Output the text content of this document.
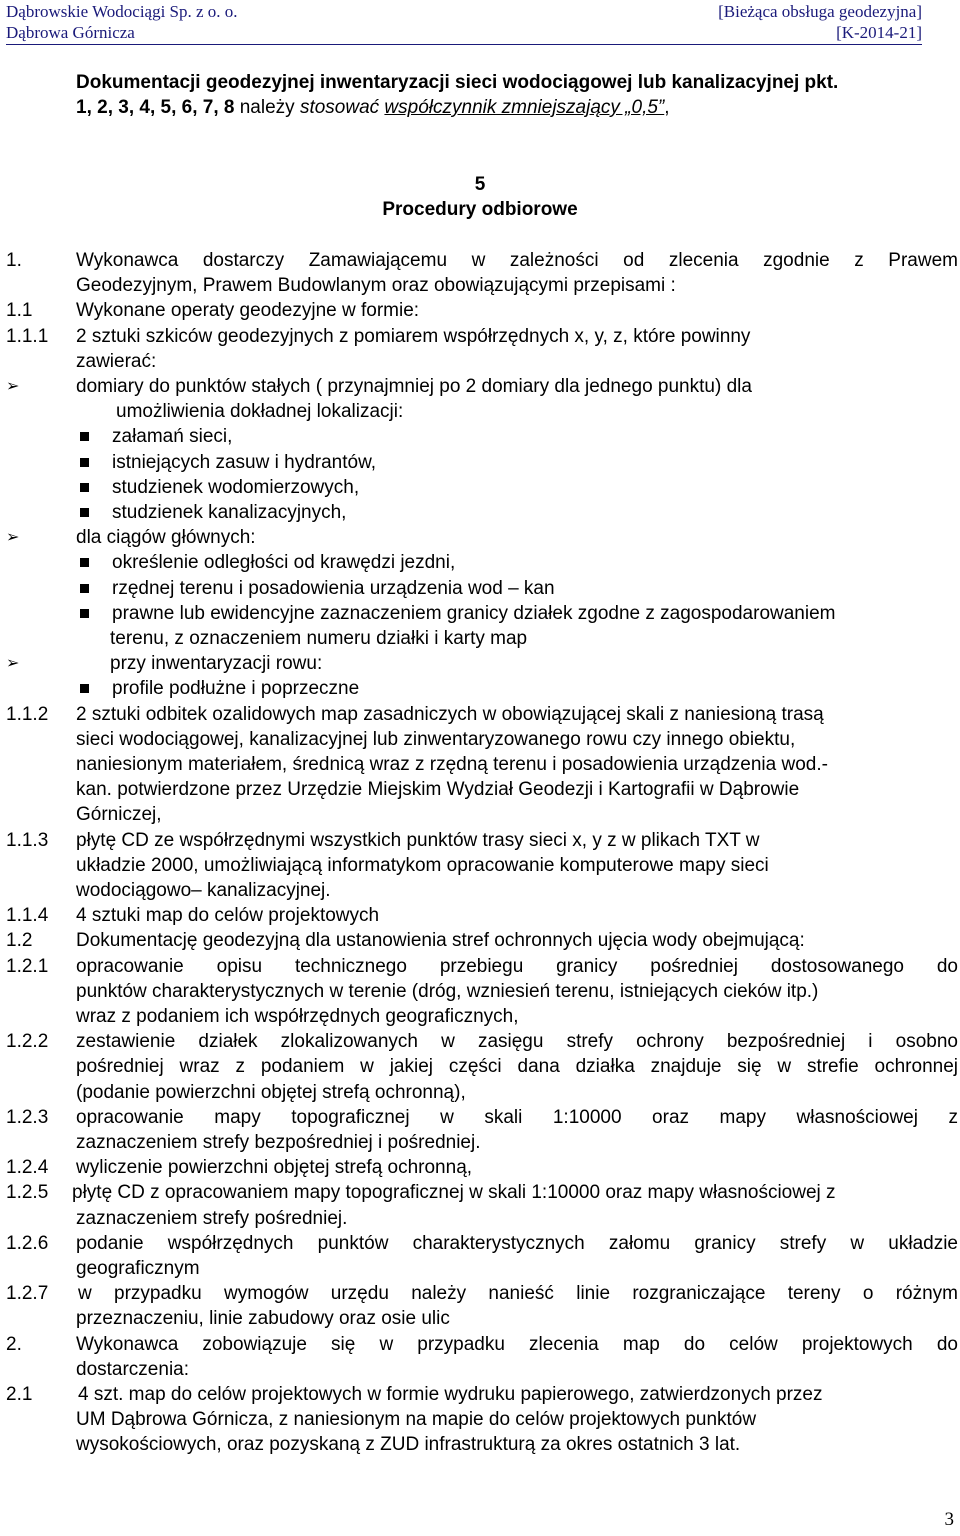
Dąbrowskie Wodociągi Sp. z o. o.
Dąbrowa Górnicza
[Bieżąca obsługa geodezyjna]
[K-2014-21]
Dokumentacji geodezyjnej inwentaryzacji sieci wodociągowej lub kanalizacyjnej pkt.
1, 2, 3, 4, 5, 6, 7, 8 należy stosować współczynnik zmniejszający „0,5”,
5
Procedury odbiorowe
1.	Wykonawca dostarczy Zamawiającemu w zależności od zlecenia zgodnie z Prawem
Geodezyjnym, Prawem Budowlanym oraz obowiązującymi przepisami :
1.1 Wykonane operaty geodezyjne w formie:
1.1.1 2 sztuki szkiców geodezyjnych z pomiarem współrzędnych x, y, z, które powinny
zawierać:
➢	domiary do punktów stałych ( przynajmniej po 2 domiary dla jednego punktu) dla
umożliwienia dokładnej lokalizacji:
załamań sieci,
istniejących zasuw i hydrantów,
studzienek wodomierzowych,
studzienek kanalizacyjnych,
➢	dla ciągów głównych:
określenie odległości od krawędzi jezdni,
rzędnej terenu i posadowienia urządzenia wod – kan
prawne lub ewidencyjne zaznaczeniem granicy działek zgodne z zagospodarowaniem
terenu, z oznaczeniem numeru działki i karty map
➢	przy inwentaryzacji rowu:
profile podłużne i poprzeczne
1.1.2 2 sztuki odbitek ozalidowych map zasadniczych w obowiązującej skali z naniesioną trasą
sieci wodociągowej, kanalizacyjnej lub zinwentaryzowanego rowu czy innego obiektu,
naniesionym materiałem, średnicą wraz z rzędną terenu i posadowienia urządzenia wod.-
kan. potwierdzone przez Urzędzie Miejskim Wydział Geodezji i Kartografii w Dąbrowie
Górniczej,
1.1.3 płytę CD ze współrzędnymi wszystkich punktów trasy sieci x, y z w plikach TXT w
układzie 2000, umożliwiającą informatykom opracowanie komputerowe mapy sieci
wodociągowo– kanalizacyjnej.
1.1.4 4 sztuki map do celów projektowych
1.2 Dokumentację geodezyjną dla ustanowienia stref ochronnych ujęcia wody obejmującą:
1.2.1 opracowanie opisu technicznego przebiegu granicy pośredniej dostosowanego do
punktów charakterystycznych w terenie (dróg, wzniesień terenu, istniejących cieków itp.)
wraz z podaniem ich współrzędnych geograficznych,
1.2.2 zestawienie działek zlokalizowanych w zasięgu strefy ochrony bezpośredniej i osobno
pośredniej wraz z podaniem w jakiej części dana działka znajduje się w strefie ochronnej
(podanie powierzchni objętej strefą ochronną),
1.2.3 opracowanie mapy topograficznej w skali 1:10000 oraz mapy własnościowej z
zaznaczeniem strefy bezpośredniej i pośredniej.
1.2.4 wyliczenie powierzchni objętej strefą ochronną,
1.2.5 płytę CD z opracowaniem mapy topograficznej w skali 1:10000 oraz mapy własnościowej z
zaznaczeniem strefy pośredniej.
1.2.6 podanie współrzędnych punktów charakterystycznych załomu granicy strefy w układzie
geograficznym
1.2.7 w przypadku wymogów urzędu należy nanieść linie rozgraniczające tereny o różnym
przeznaczeniu, linie zabudowy oraz osie ulic
2.	Wykonawca zobowiązuje się w przypadku zlecenia map do celów projektowych do
dostarczenia:
2.1 4 szt. map do celów projektowych w formie wydruku papierowego, zatwierdzonych przez
UM Dąbrowa Górnicza, z naniesionym na mapie do celów projektowych punktów
wysokościowych, oraz pozyskaną z ZUD infrastrukturą za okres ostatnich 3 lat.
3
